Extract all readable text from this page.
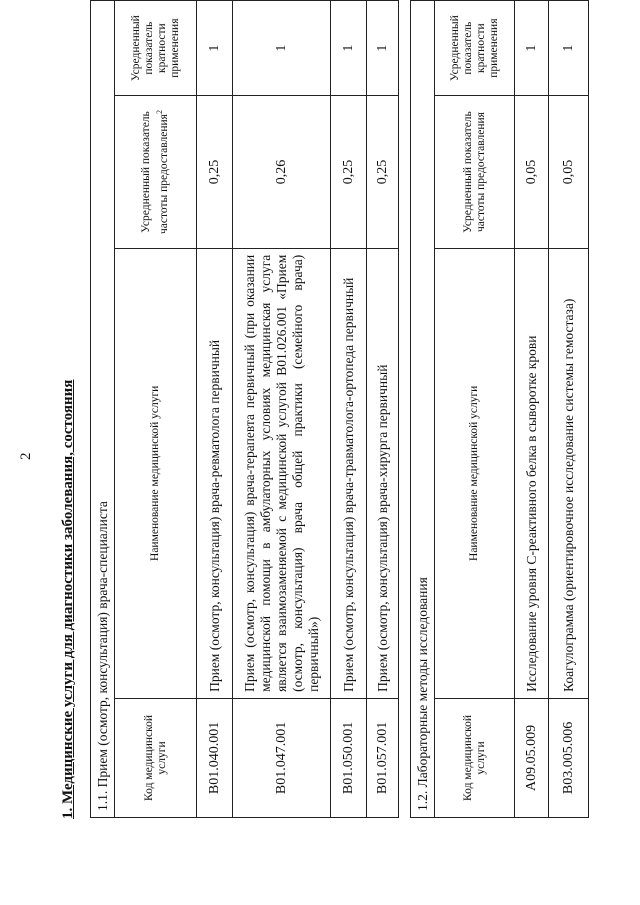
2 1. Медицинские услуги для диагностики заболевания, состояния 1.1. Прием (осмотр, консультация) врача-специалиста			
Код медицинской услуги	Наименование медицинской услуги	Усредненный показатель частоты предоставления$^2$	Усредненный показатель кратности применения
B01.040.001	Прием (осмотр, консультация) врача-ревматолога первичный	0,25	1
B01.047.001	Прием (осмотр, консультация) врача-терапевта первичный (при оказании медицинской помощи в амбулаторных условиях медицинская услуга является взаимозаменяемой с медицинской услугой B01.026.001 «Прием (осмотр, консультация) врача общей практики (семейного врача) первичный»)	0,26	1
B01.050.001	Прием (осмотр, консультация) врача-травматолога-ортопеда первичный	0,25	1
B01.057.001	Прием (осмотр, консультация) врача-хирурга первичный	0,25	1
1.2. Лабораторные методы исследования			
Код медицинской услуги	Наименование медицинской услуги	Усредненный показатель частоты предоставления	Усредненный показатель кратности применения
A09.05.009	Исследование уровня С-реактивного белка в сыворотке крови	0,05	1
B03.005.006	Коагулограмма (ориентировочное исследование системы гемостаза)	0,05	1
